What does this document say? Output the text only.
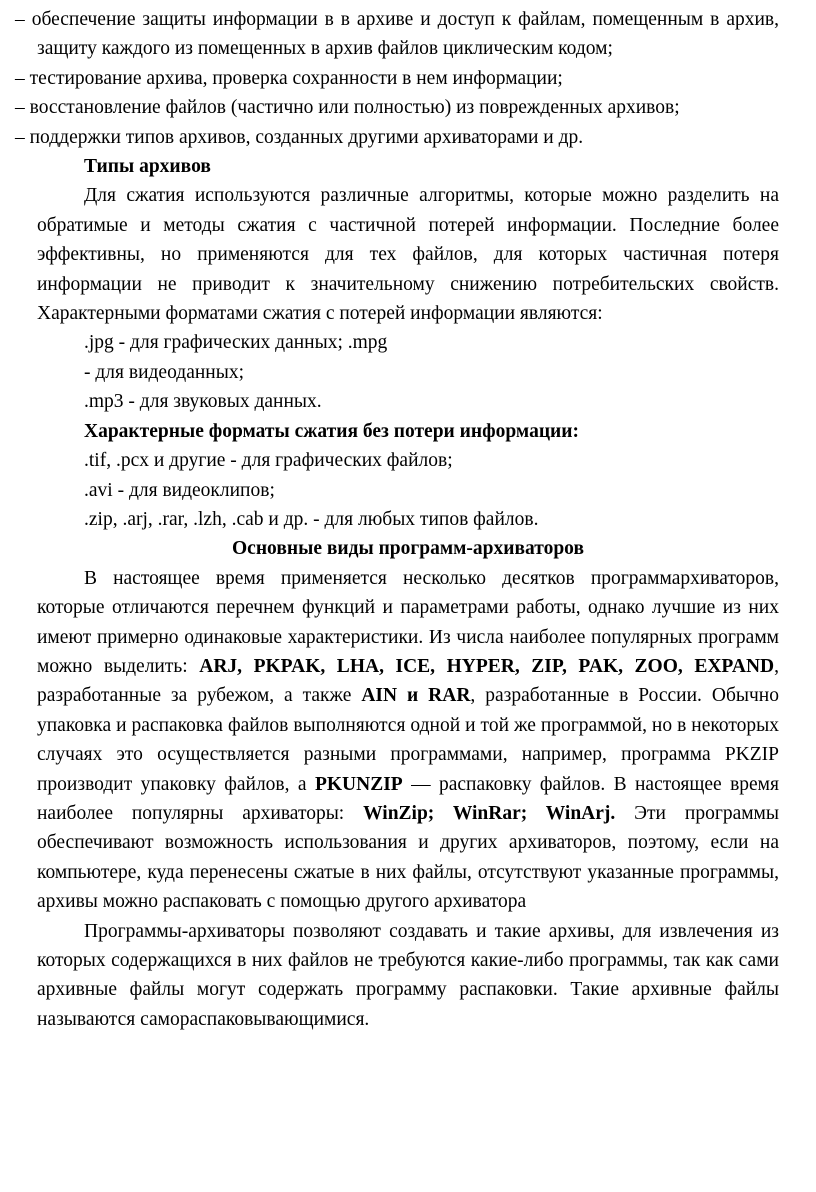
– обеспечение защиты информации в в архиве и доступ к файлам, помещенным в архив, защиту каждого из помещенных в архив файлов циклическим кодом;

– тестирование архива, проверка сохранности в нем информации;

– восстановление файлов (частично или полностью) из поврежденных архивов;

– поддержки типов архивов, созданных другими архиваторами и др.

Типы архивов

Для сжатия используются различные алгоритмы, которые можно разделить на обратимые и методы сжатия с частичной потерей информации. Последние более эффективны, но применяются для тех файлов, для которых частичная потеря информации не приводит к значительному снижению потребительских свойств. Характерными форматами сжатия с потерей информации являются:

.jpg - для графических данных; .mpg

- для видеоданных;

.mp3 - для звуковых данных.

Характерные форматы сжатия без потери информации:

.tif, .pcx и другие - для графических файлов;

.avi - для видеоклипов;

.zip, .arj, .rar, .lzh, .cab и др. - для любых типов файлов.

Основные виды программ-архиваторов

В настоящее время применяется несколько десятков программархиваторов, которые отличаются перечнем функций и параметрами работы, однако лучшие из них имеют примерно одинаковые характеристики. Из числа наиболее популярных программ можно выделить: ARJ, PKPAK, LHA, ICE, HYPER, ZIP, PAK, ZOO, EXPAND, разработанные за рубежом, а также AIN и RAR, разработанные в России. Обычно упаковка и распаковка файлов выполняются одной и той же программой, но в некоторых случаях это осуществляется разными программами, например, программа PKZIP производит упаковку файлов, а PKUNZIP — распаковку файлов. В настоящее время наиболее популярны архиваторы: WinZip; WinRar; WinArj. Эти программы обеспечивают возможность использования и других архиваторов, поэтому, если на компьютере, куда перенесены сжатые в них файлы, отсутствуют указанные программы, архивы можно распаковать с помощью другого архиватора

Программы-архиваторы позволяют создавать и такие архивы, для извлечения из которых содержащихся в них файлов не требуются какие-либо программы, так как сами архивные файлы могут содержать программу распаковки. Такие архивные файлы называются самораспаковывающимися.
